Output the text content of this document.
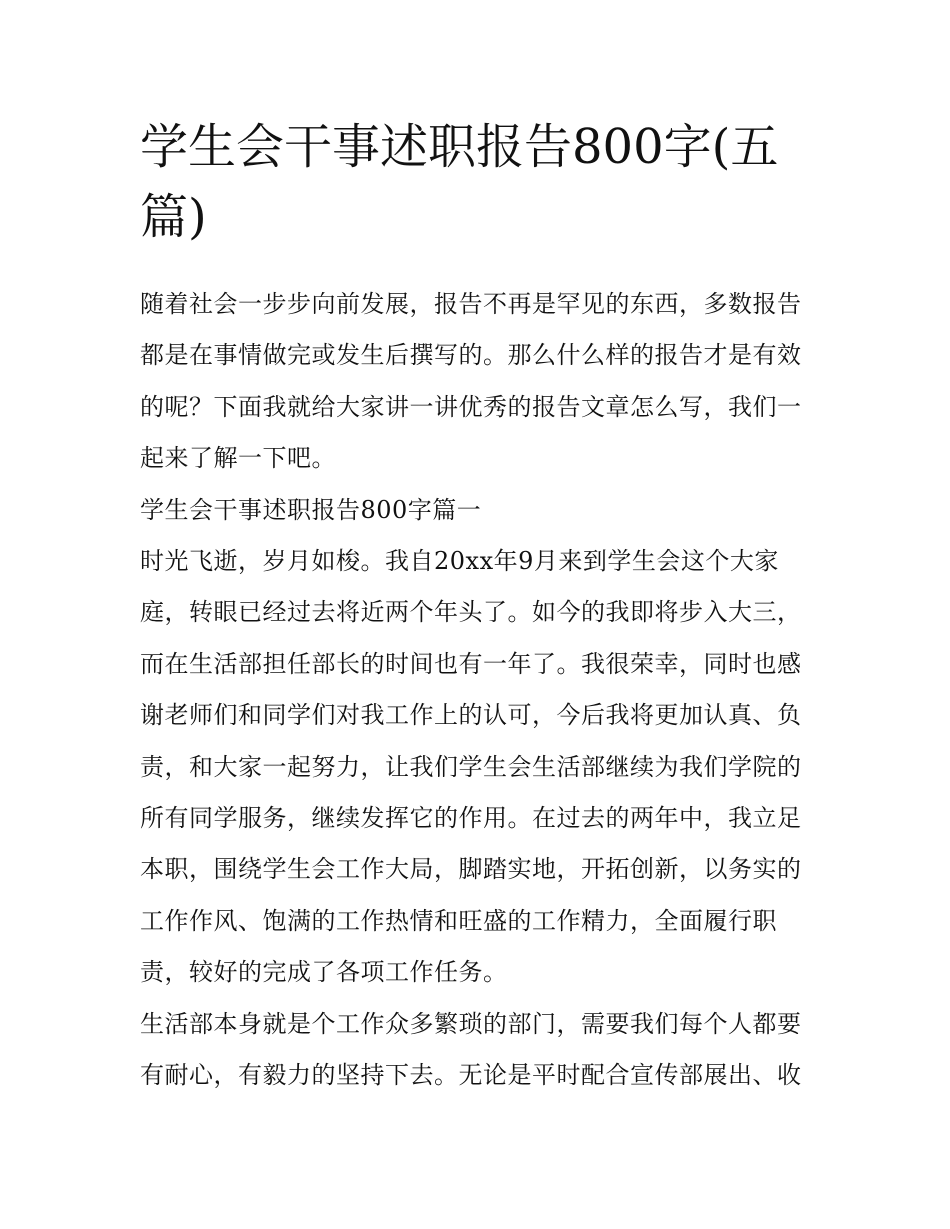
学生会干事述职报告800字(五篇)

随着社会一步步向前发展，报告不再是罕见的东西，多数报告都是在事情做完或发生后撰写的。那么什么样的报告才是有效的呢？下面我就给大家讲一讲优秀的报告文章怎么写，我们一起来了解一下吧。

学生会干事述职报告800字篇一

时光飞逝，岁月如梭。我自20xx年9月来到学生会这个大家庭，转眼已经过去将近两个年头了。如今的我即将步入大三，而在生活部担任部长的时间也有一年了。我很荣幸，同时也感谢老师们和同学们对我工作上的认可，今后我将更加认真、负责，和大家一起努力，让我们学生会生活部继续为我们学院的所有同学服务，继续发挥它的作用。在过去的两年中，我立足本职，围绕学生会工作大局，脚踏实地，开拓创新，以务实的工作作风、饱满的工作热情和旺盛的工作精力，全面履行职责，较好的完成了各项工作任务。

生活部本身就是个工作众多繁琐的部门，需要我们每个人都要有耐心，有毅力的坚持下去。无论是平时配合宣传部展出、收
